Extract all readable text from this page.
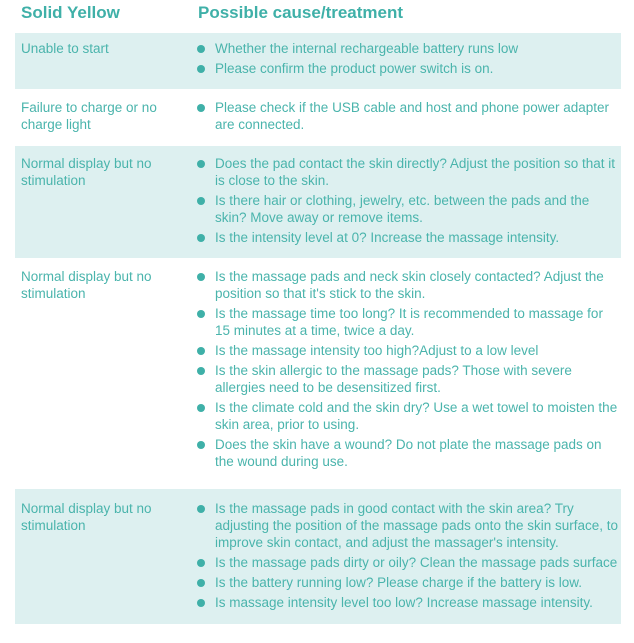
Solid Yellow	Possible cause/treatment
Unable to start	Whether the internal rechargeable battery runs low
Please confirm the product power switch is on.
Failure to charge or no charge light
Please check if the USB cable and host and phone power adapter are connected.
Normal display but no stimulation
Does the pad contact the skin directly? Adjust the position so that it is close to the skin.
Is there hair or clothing, jewelry, etc. between the pads and the skin? Move away or remove items.
Is the intensity level at 0? Increase the massage intensity.
Normal display but no stimulation
Is the massage pads and neck skin closely contacted? Adjust the position so that it's stick to the skin.
Is the massage time too long? It is recommended to massage for 15 minutes at a time, twice a day.
Is the massage intensity too high?Adjust to a low level
Is the skin allergic to the massage pads? Those with severe allergies need to be desensitized first.
Is the climate cold and the skin dry? Use a wet towel to moisten the skin area, prior to using.
Does the skin have a wound? Do not plate the massage pads on the wound during use.
Normal display but no stimulation
Is the massage pads in good contact with the skin area? Try adjusting the position of the massage pads onto the skin surface, to improve skin contact, and adjust the massager's intensity.
Is the massage pads dirty or oily? Clean the massage pads surface
Is the battery running low? Please charge if the battery is low.
Is massage intensity level too low? Increase massage intensity.
